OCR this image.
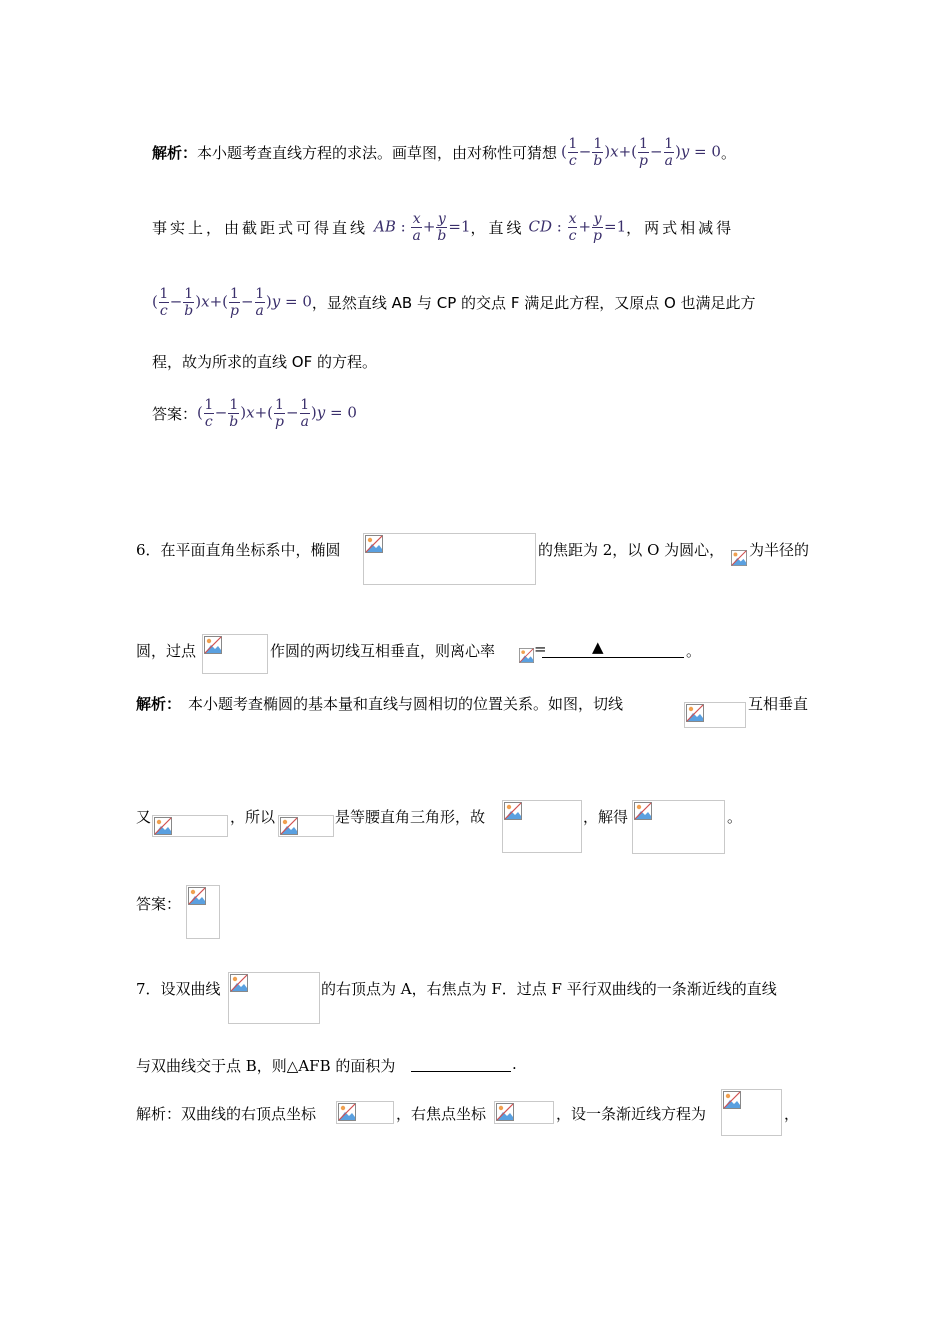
解析： 本小题考查直线方程的求法。画草图，由对称性可猜想 ( $\frac{1}{c} - \frac{1}{b} )x+( \frac{1}{p} - \frac{1}{a} )y = 0$ 。
事实上，由截距式可得直线 AB : $\frac{x}{a} + \frac{y}{b} =1$ ，直线 CD : $\frac{x}{c} + \frac{y}{p} =1$ ，两式相减得
( $\frac{1}{c} - \frac{1}{b} )x+( \frac{1}{p} - \frac{1}{a} )y = 0$ ，显然直线 AB 与 CP 的交点 F 满足此方程，又原点 O 也满足此方
程，故为所求的直线 OF 的方程。
答案： ( $\frac{1}{c} - \frac{1}{b} )x+( \frac{1}{p} - \frac{1}{a} )y = 0$
6．在平面直角坐标系中，椭圆	的焦距为 2，以 O 为圆心， 为半径的
圆，过点	作圆的两切线互相垂直，则离心率	=	▲	。
解析： 本小题考查椭圆的基本量和直线与圆相切的位置关系。如图，切线	互相垂直
又	，所以	是等腰直角三角形，故	，解得	。
答案：
7．设双曲线	的右顶点为 A，右焦点为 F．过点 F 平行双曲线的一条渐近线的直线
与双曲线交于点 B，则△AFB 的面积为	.
解析：双曲线的右顶点坐标	，右焦点坐标	，设一条渐近线方程为	，
